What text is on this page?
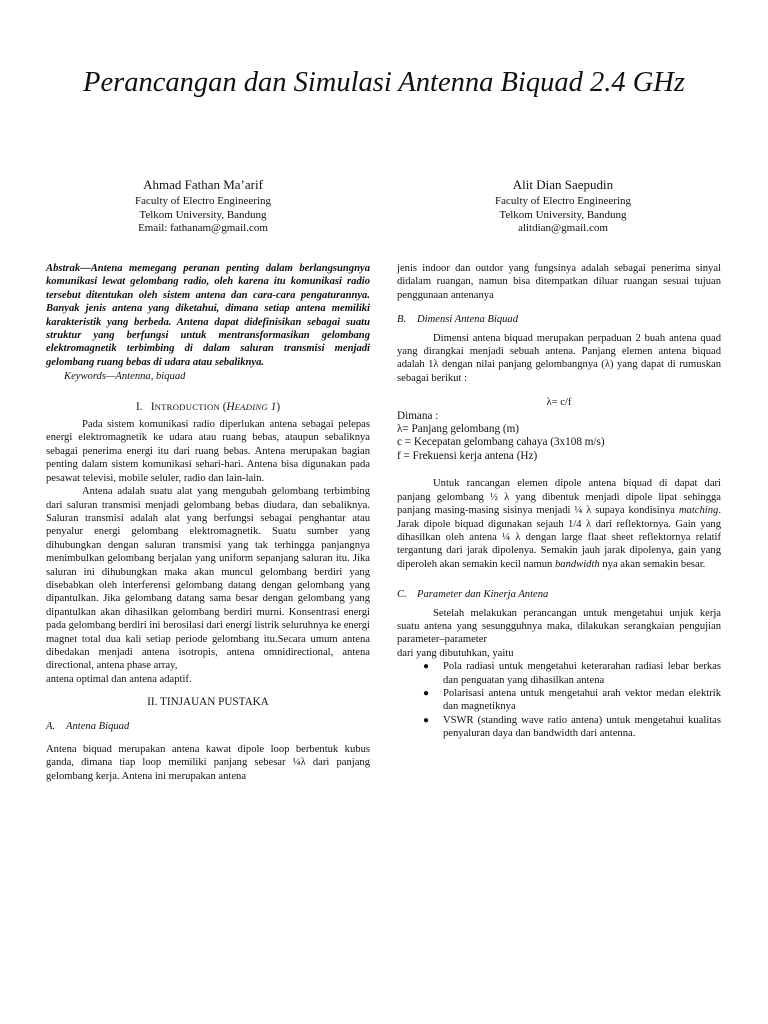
Perancangan dan Simulasi Antenna Biquad 2.4 GHz
Ahmad Fathan Ma’arif
Faculty of Electro Engineering
Telkom University, Bandung
Email: fathanam@gmail.com
Alit Dian Saepudin
Faculty of Electro Engineering
Telkom University, Bandung
alitdian@gmail.com

Abstrak—Antena memegang peranan penting dalam berlangsungnya komunikasi lewat gelombang radio, oleh karena itu komunikasi radio tersebut ditentukan oleh sistem antena dan cara-cara pengaturannya. Banyak jenis antena yang diketahui, dimana setiap antena memiliki karakteristik yang berbeda. Antena dapat didefinisikan sebagai suatu struktur yang berfungsi untuk mentransformasikan gelombang elektromagnetik terbimbing di dalam saluran transmisi menjadi gelombang ruang bebas di udara atau sebaliknya.

Keywords—Antenna, biquad

I. INTRODUCTION (HEADING 1)

Pada sistem komunikasi radio diperlukan antena sebagai pelepas energi elektromagnetik ke udara atau ruang bebas, ataupun sebaliknya sebagai penerima energi itu dari ruang bebas. Antena merupakan bagian penting dalam sistem komunikasi sehari-hari. Antena bisa digunakan pada pesawat televisi, mobile seluler, radio dan lain-lain.

Antena adalah suatu alat yang mengubah gelombang terbimbing dari saluran transmisi menjadi gelombang bebas diudara, dan sebaliknya. Saluran transmisi adalah alat yang berfungsi sebagai penghantar atau penyalur energi gelombang elektromagnetik. Suatu sumber yang dihubungkan dengan saluran transmisi yang tak terhingga panjangnya menimbulkan gelombang berjalan yang uniform sepanjang saluran itu. Jika saluran ini dihubungkan maka akan muncul gelombang berdiri yang disebabkan oleh interferensi gelombang datang dengan gelombang yang dipantulkan. Jika gelombang datang sama besar dengan gelombang yang dipantulkan akan dihasilkan gelombang berdiri murni. Konsentrasi energi pada gelombang berdiri ini berosilasi dari energi listrik seluruhnya ke energi magnet total dua kali setiap periode gelombang itu.Secara umum antena dibedakan menjadi antena isotropis, antena omnidirectional, antena directional, antena phase array,

antena optimal dan antena adaptif.

II. TINJAUAN PUSTAKA

A. Antena Biquad

Antena biquad merupakan antena kawat dipole loop berbentuk kubus ganda, dimana tiap loop memiliki panjang sebesar ¼λ dari panjang gelombang kerja. Antena ini merupakan antena

jenis indoor dan outdor yang fungsinya adalah sebagai penerima sinyal didalam ruangan, namun bisa ditempatkan diluar ruangan sesuai tujuan penggunaan antenanya

B. Dimensi Antena Biquad

Dimensi antena biquad merupakan perpaduan 2 buah antena quad yang dirangkai menjadi sebuah antena. Panjang elemen antena biquad adalah 1λ dengan nilai panjang gelombangnya (λ) yang dapat di rumuskan sebagai berikut :

λ= c/f

Dimana :

λ= Panjang gelombang (m)

c = Kecepatan gelombang cahaya (3x108 m/s)

f = Frekuensi kerja antena (Hz)

Untuk rancangan elemen dipole antena biquad di dapat dari panjang gelombang ½ λ yang dibentuk menjadi dipole lipat sehingga panjang masing-masing sisinya menjadi ¼ λ supaya kondisinya matching. Jarak dipole biquad digunakan sejauh 1/4 λ dari reflektornya. Gain yang dihasilkan oleh antena ¼ λ dengan large flaat sheet reflektornya relatif tergantung dari jarak dipolenya. Semakin jauh jarak dipolenya, gain yang diperoleh akan semakin kecil namun bandwidth nya akan semakin besar.

C. Parameter dan Kinerja Antena

Setelah melakukan perancangan untuk mengetahui unjuk kerja suatu antena yang sesungguhnya maka, dilakukan serangkaian pengujian parameter–parameter

dari yang dibutuhkan, yaitu

● Pola radiasi untuk mengetahui keterarahan radiasi lebar berkas dan penguatan yang dihasilkan antena
● Polarisasi antena untuk mengetahui arah vektor medan elektrik dan magnetiknya
● VSWR (standing wave ratio antena) untuk mengetahui kualitas penyaluran daya dan bandwidth dari antenna.
